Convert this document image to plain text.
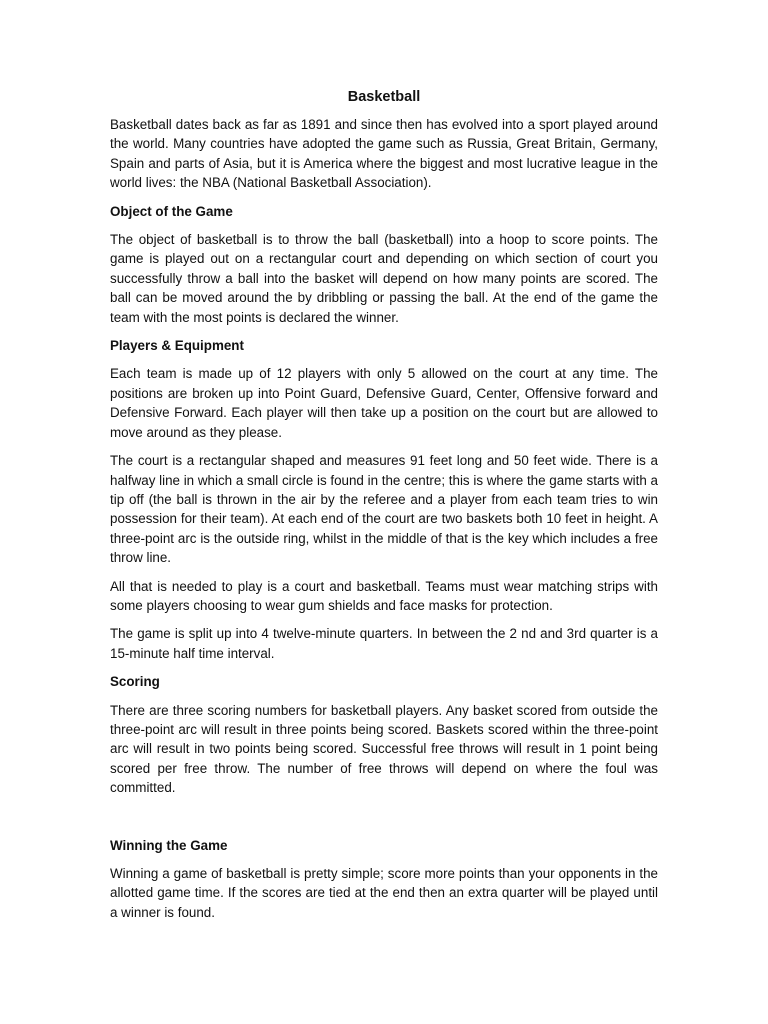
Basketball

Basketball dates back as far as 1891 and since then has evolved into a sport played around the world. Many countries have adopted the game such as Russia, Great Britain, Germany, Spain and parts of Asia, but it is America where the biggest and most lucrative league in the world lives: the NBA (National Basketball Association).

Object of the Game

The object of basketball is to throw the ball (basketball) into a hoop to score points. The game is played out on a rectangular court and depending on which section of court you successfully throw a ball into the basket will depend on how many points are scored. The ball can be moved around the by dribbling or passing the ball. At the end of the game the team with the most points is declared the winner.

Players & Equipment

Each team is made up of 12 players with only 5 allowed on the court at any time. The positions are broken up into Point Guard, Defensive Guard, Center, Offensive forward and Defensive Forward. Each player will then take up a position on the court but are allowed to move around as they please.

The court is a rectangular shaped and measures 91 feet long and 50 feet wide. There is a halfway line in which a small circle is found in the centre; this is where the game starts with a tip off (the ball is thrown in the air by the referee and a player from each team tries to win possession for their team). At each end of the court are two baskets both 10 feet in height. A three-point arc is the outside ring, whilst in the middle of that is the key which includes a free throw line.

All that is needed to play is a court and basketball. Teams must wear matching strips with some players choosing to wear gum shields and face masks for protection.

The game is split up into 4 twelve-minute quarters. In between the 2 nd and 3rd quarter is a 15-minute half time interval.

Scoring

There are three scoring numbers for basketball players. Any basket scored from outside the three-point arc will result in three points being scored. Baskets scored within the three-point arc will result in two points being scored. Successful free throws will result in 1 point being scored per free throw. The number of free throws will depend on where the foul was committed.

Winning the Game

Winning a game of basketball is pretty simple; score more points than your opponents in the allotted game time. If the scores are tied at the end then an extra quarter will be played until a winner is found.
